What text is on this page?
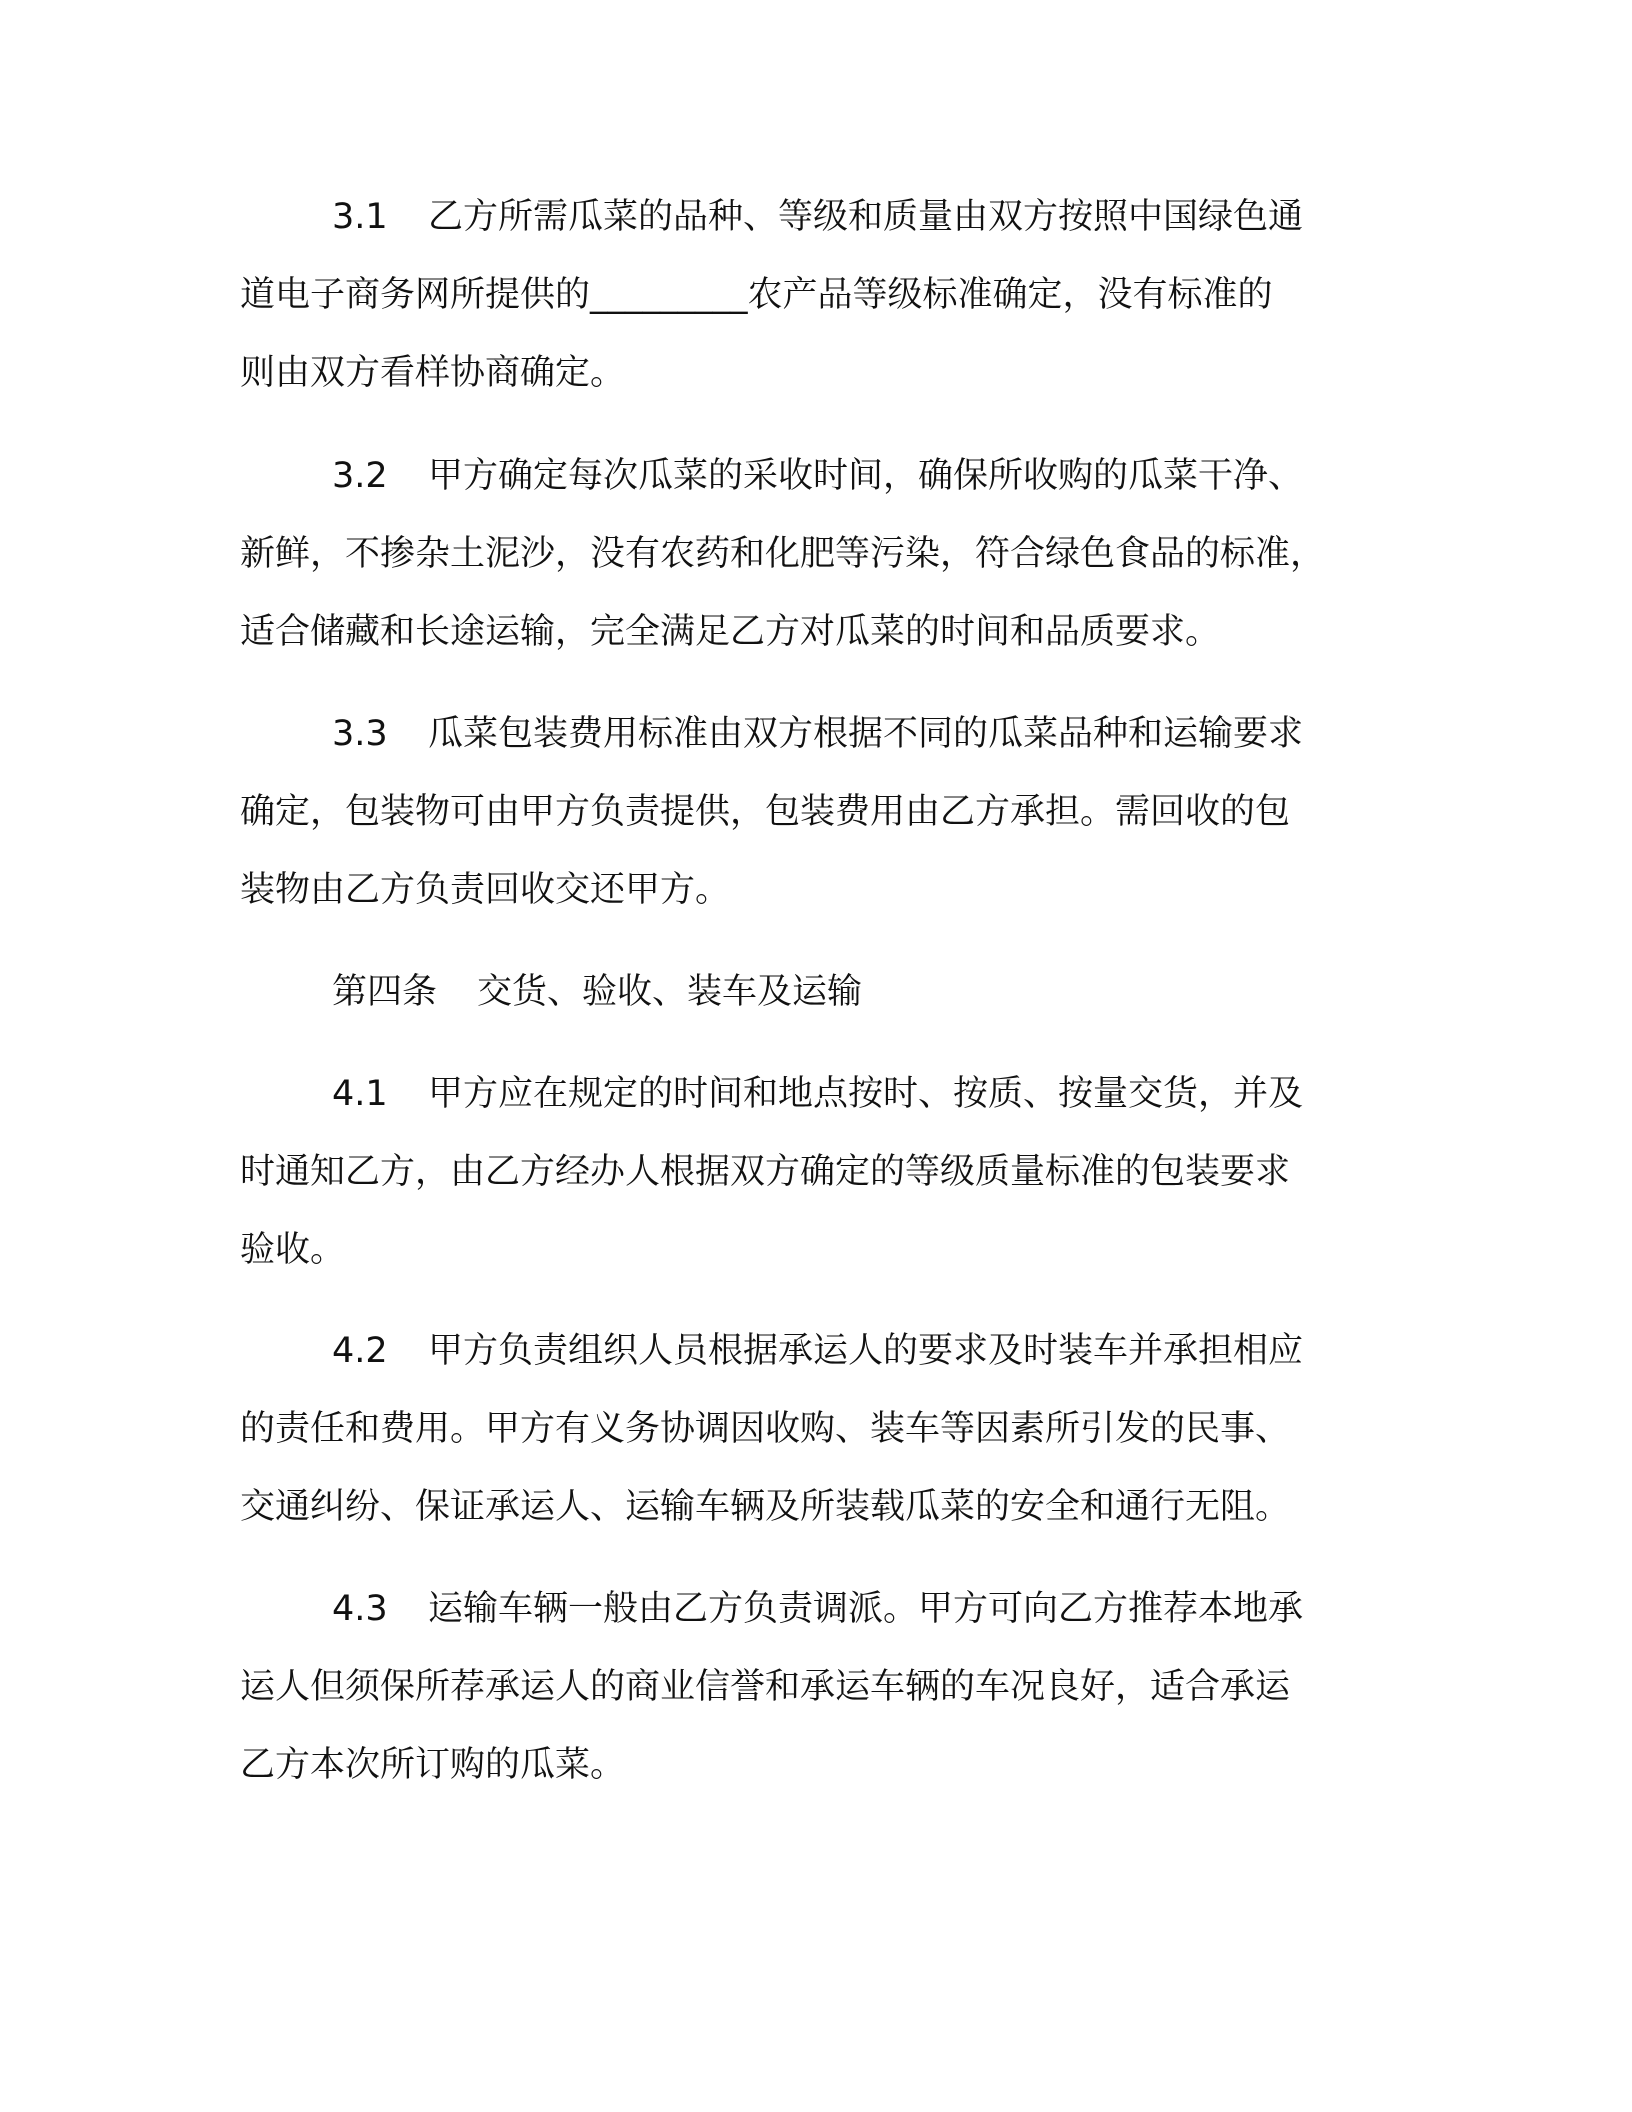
3.1 乙方所需瓜菜的品种、等级和质量由双方按照中国绿色通
道电子商务网所提供的_________农产品等级标准确定，没有标准的
则由双方看样协商确定。
3.2 甲方确定每次瓜菜的采收时间，确保所收购的瓜菜干净、
新鲜，不掺杂土泥沙，没有农药和化肥等污染，符合绿色食品的标准，
适合储藏和长途运输，完全满足乙方对瓜菜的时间和品质要求。
3.3 瓜菜包装费用标准由双方根据不同的瓜菜品种和运输要求
确定，包装物可由甲方负责提供，包装费用由乙方承担。需回收的包
装物由乙方负责回收交还甲方。
第四条 交货、验收、装车及运输
4.1 甲方应在规定的时间和地点按时、按质、按量交货，并及
时通知乙方，由乙方经办人根据双方确定的等级质量标准的包装要求
验收。
4.2 甲方负责组织人员根据承运人的要求及时装车并承担相应
的责任和费用。甲方有义务协调因收购、装车等因素所引发的民事、
交通纠纷、保证承运人、运输车辆及所装载瓜菜的安全和通行无阻。
4.3 运输车辆一般由乙方负责调派。甲方可向乙方推荐本地承
运人但须保所荐承运人的商业信誉和承运车辆的车况良好，适合承运
乙方本次所订购的瓜菜。
